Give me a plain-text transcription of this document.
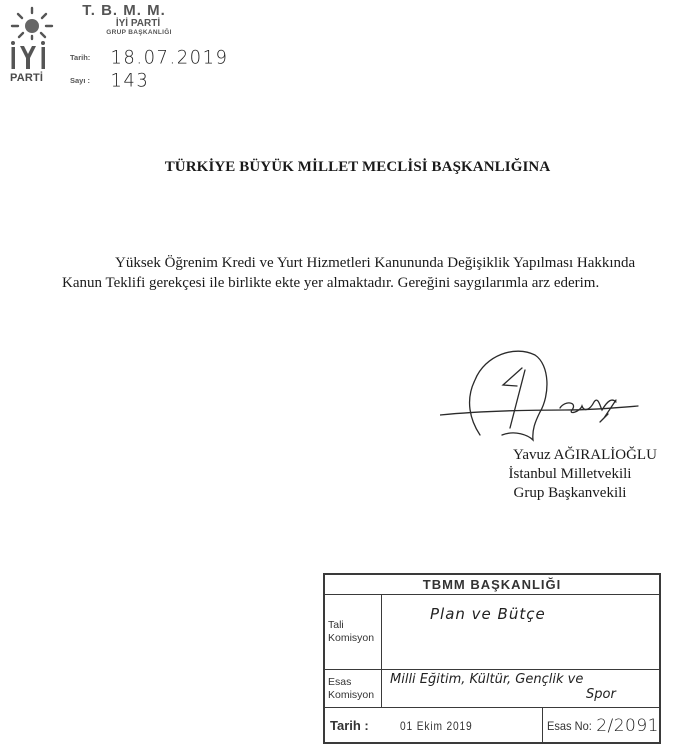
PARTİ
T. B. M. M.
İYİ PARTİ
GRUP BAŞKANLIĞI
Tarih: 18.07.2019
Sayı : 143
TÜRKİYE BÜYÜK MİLLET MECLİSİ BAŞKANLIĞINA
Yüksek Öğrenim Kredi ve Yurt Hizmetleri Kanununda Değişiklik Yapılması Hakkında
Kanun Teklifi gerekçesi ile birlikte ekte yer almaktadır. Gereğini saygılarımla arz ederim.
Yavuz AĞIRALİOĞLU
İstanbul Milletvekili
Grup Başkanvekili
TBMM BAŞKANLIĞI
Tali
Komisyon
Plan ve Bütçe
Esas
Komisyon
Milli Eğitim, Kültür, Gençlik ve
Spor
Tarih :	01 Ekim 2019	Esas No: 2/2091
